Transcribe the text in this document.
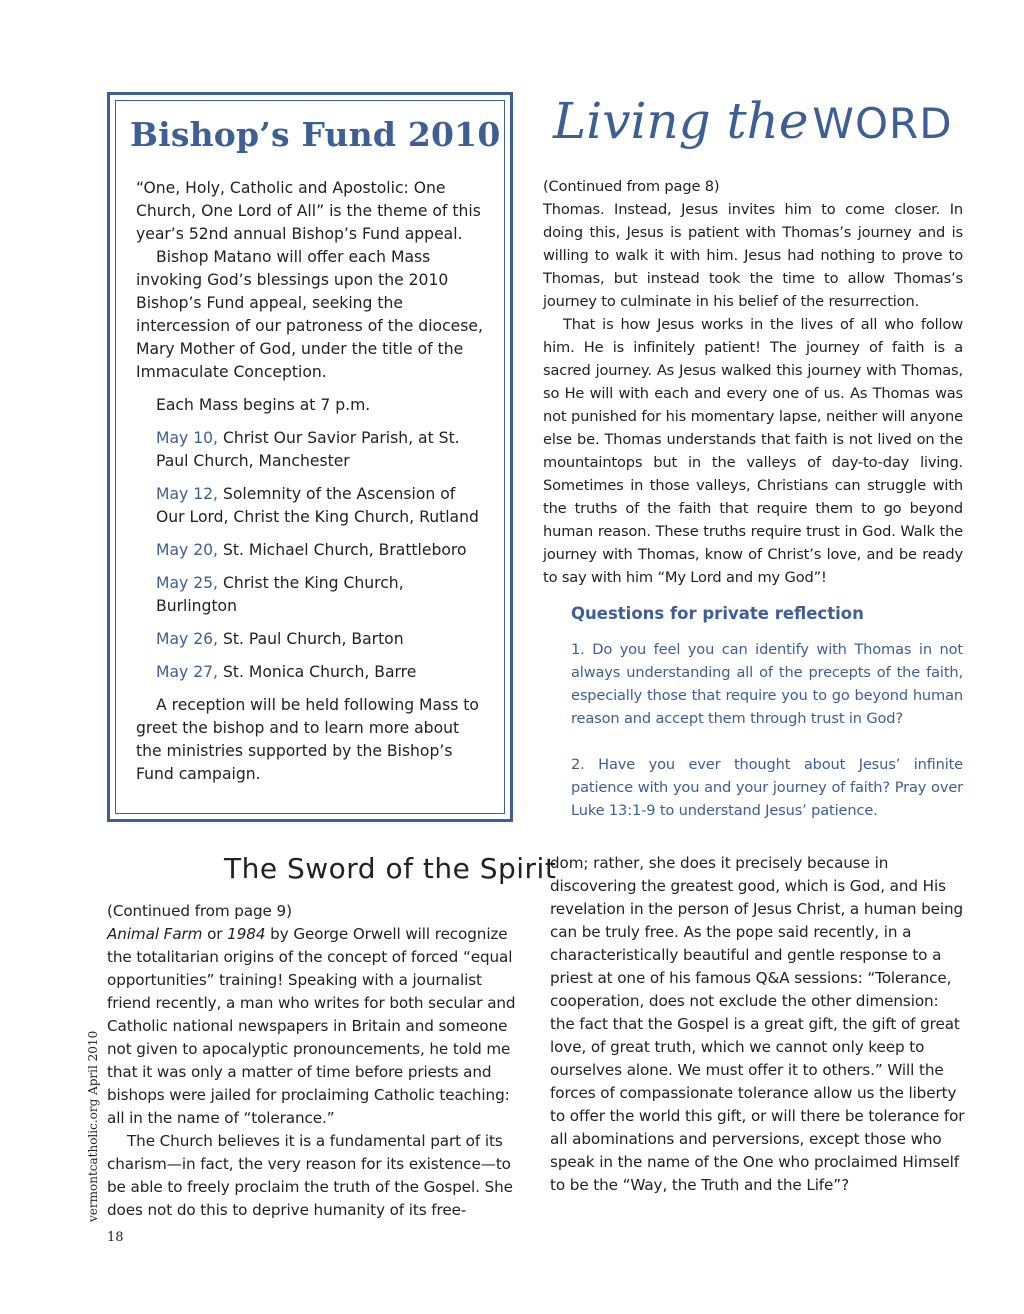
Bishop’s Fund 2010

“One, Holy, Catholic and Apostolic: One Church, One Lord of All” is the theme of this year’s 52nd annual Bishop’s Fund appeal.

Bishop Matano will offer each Mass invoking God’s blessings upon the 2010 Bishop’s Fund appeal, seeking the intercession of our patroness of the diocese, Mary Mother of God, under the title of the Immaculate Conception.

Each Mass begins at 7 p.m.

May 10, Christ Our Savior Parish, at St. Paul Church, Manchester

May 12, Solemnity of the Ascension of Our Lord, Christ the King Church, Rutland

May 20, St. Michael Church, Brattleboro

May 25, Christ the King Church, Burlington

May 26, St. Paul Church, Barton

May 27, St. Monica Church, Barre

A reception will be held following Mass to greet the bishop and to learn more about the ministries supported by the Bishop’s Fund campaign.

Living the WORD

(Continued from page 8)

Thomas. Instead, Jesus invites him to come closer. In doing this, Jesus is patient with Thomas’s journey and is willing to walk it with him. Jesus had nothing to prove to Thomas, but instead took the time to allow Thomas’s journey to culminate in his belief of the resurrection.

That is how Jesus works in the lives of all who follow him. He is infinitely patient! The journey of faith is a sacred journey. As Jesus walked this journey with Thomas, so He will with each and every one of us. As Thomas was not punished for his momentary lapse, neither will anyone else be. Thomas understands that faith is not lived on the mountaintops but in the valleys of day-to-day living. Sometimes in those valleys, Christians can struggle with the truths of the faith that require them to go beyond human reason. These truths require trust in God. Walk the journey with Thomas, know of Christ’s love, and be ready to say with him “My Lord and my God”!

Questions for private reflection

1. Do you feel you can identify with Thomas in not always understanding all of the precepts of the faith, especially those that require you to go beyond human reason and accept them through trust in God?

2. Have you ever thought about Jesus’ infinite patience with you and your journey of faith? Pray over Luke 13:1-9 to understand Jesus’ patience.

The Sword of the Spirit

(Continued from page 9)

Animal Farm or 1984 by George Orwell will recognize the totalitarian origins of the concept of forced “equal opportunities” training! Speaking with a journalist friend recently, a man who writes for both secular and Catholic national newspapers in Britain and someone not given to apocalyptic pronouncements, he told me that it was only a matter of time before priests and bishops were jailed for proclaiming Catholic teaching: all in the name of “tolerance.”

The Church believes it is a fundamental part of its charism—in fact, the very reason for its existence—to be able to freely proclaim the truth of the Gospel. She does not do this to deprive humanity of its free-

dom; rather, she does it precisely because in discovering the greatest good, which is God, and His revelation in the person of Jesus Christ, a human being can be truly free. As the pope said recently, in a characteristically beautiful and gentle response to a priest at one of his famous Q&A sessions: “Tolerance, cooperation, does not exclude the other dimension: the fact that the Gospel is a great gift, the gift of great love, of great truth, which we cannot only keep to ourselves alone. We must offer it to others.” Will the forces of compassionate tolerance allow us the liberty to offer the world this gift, or will there be tolerance for all abominations and perversions, except those who speak in the name of the One who proclaimed Himself to be the “Way, the Truth and the Life”?

vermontcatholic.org April 2010
18
